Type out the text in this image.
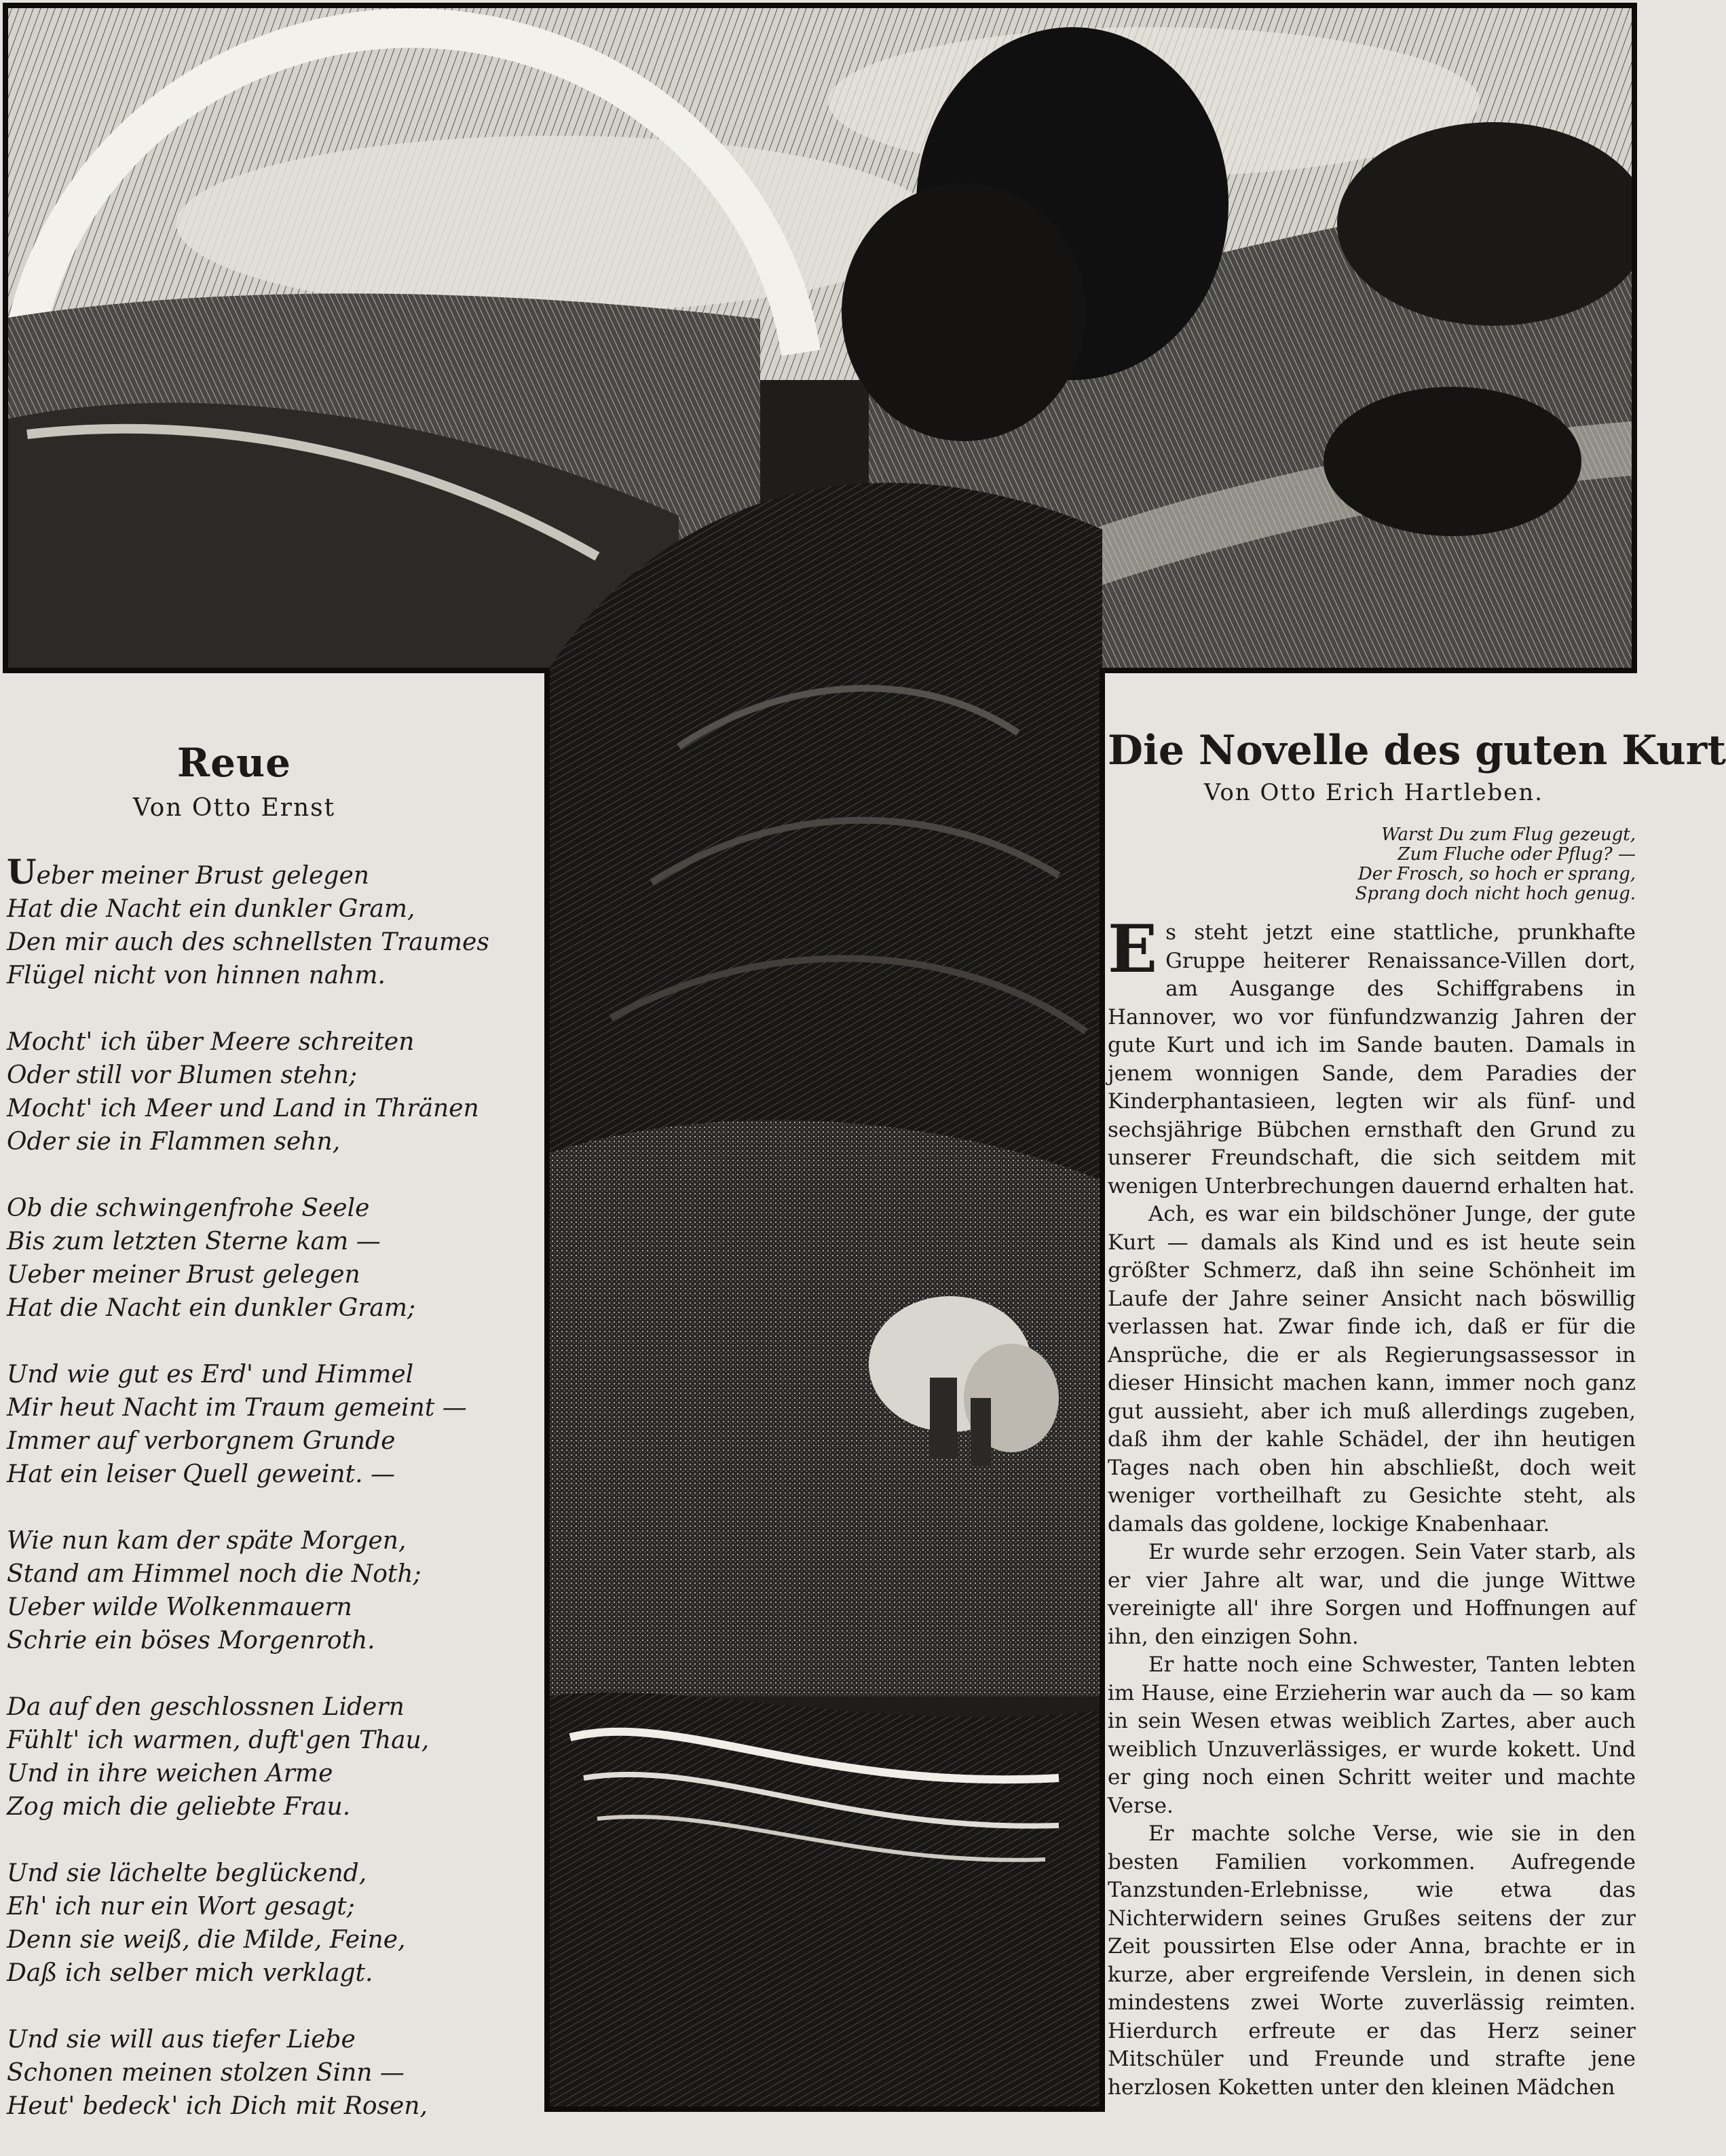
Reue
Von Otto Ernst
Ueber meiner Brust gelegen
Hat die Nacht ein dunkler Gram,
Den mir auch des schnellsten Traumes
Flügel nicht von hinnen nahm.
Mocht' ich über Meere schreiten
Oder still vor Blumen stehn;
Mocht' ich Meer und Land in Thränen
Oder sie in Flammen sehn,
Ob die schwingenfrohe Seele
Bis zum letzten Sterne kam —
Ueber meiner Brust gelegen
Hat die Nacht ein dunkler Gram;
Und wie gut es Erd' und Himmel
Mir heut Nacht im Traum gemeint —
Immer auf verborgnem Grunde
Hat ein leiser Quell geweint. —
Wie nun kam der späte Morgen,
Stand am Himmel noch die Noth;
Ueber wilde Wolkenmauern
Schrie ein böses Morgenroth.
Da auf den geschlossnen Lidern
Fühlt' ich warmen, duft'gen Thau,
Und in ihre weichen Arme
Zog mich die geliebte Frau.
Und sie lächelte beglückend,
Eh' ich nur ein Wort gesagt;
Denn sie weiß, die Milde, Feine,
Daß ich selber mich verklagt.
Und sie will aus tiefer Liebe
Schonen meinen stolzen Sinn —
Heut' bedeck' ich Dich mit Rosen,
Die Novelle des guten Kurt
Von Otto Erich Hartleben.
Warst Du zum Flug gezeugt,
Zum Fluche oder Pflug? —
Der Frosch, so hoch er sprang,
Sprang doch nicht hoch genug.

Es steht jetzt eine stattliche, prunkhafte Gruppe heiterer Renaissance-Villen dort, am Ausgange des Schiffgrabens in Hannover, wo vor fünfundzwanzig Jahren der gute Kurt und ich im Sande bauten. Damals in jenem wonnigen Sande, dem Paradies der Kinderphantasieen, legten wir als fünf- und sechsjährige Bübchen ernsthaft den Grund zu unserer Freundschaft, die sich seitdem mit wenigen Unterbrechungen dauernd erhalten hat.

Ach, es war ein bildschöner Junge, der gute Kurt — damals als Kind und es ist heute sein größter Schmerz, daß ihn seine Schönheit im Laufe der Jahre seiner Ansicht nach böswillig verlassen hat. Zwar finde ich, daß er für die Ansprüche, die er als Regierungsassessor in dieser Hinsicht machen kann, immer noch ganz gut aussieht, aber ich muß allerdings zugeben, daß ihm der kahle Schädel, der ihn heutigen Tages nach oben hin abschließt, doch weit weniger vortheilhaft zu Gesichte steht, als damals das goldene, lockige Knabenhaar.

Er wurde sehr erzogen. Sein Vater starb, als er vier Jahre alt war, und die junge Wittwe vereinigte all' ihre Sorgen und Hoffnungen auf ihn, den einzigen Sohn.

Er hatte noch eine Schwester, Tanten lebten im Hause, eine Erzieherin war auch da — so kam in sein Wesen etwas weiblich Zartes, aber auch weiblich Unzuverlässiges, er wurde kokett. Und er ging noch einen Schritt weiter und machte Verse.

Er machte solche Verse, wie sie in den besten Familien vorkommen. Aufregende Tanzstunden-Erlebnisse, wie etwa das Nichterwidern seines Grußes seitens der zur Zeit poussirten Else oder Anna, brachte er in kurze, aber ergreifende Verslein, in denen sich mindestens zwei Worte zuverlässig reimten. Hierdurch erfreute er das Herz seiner Mitschüler und Freunde und strafte jene herzlosen Koketten unter den kleinen Mädchen
